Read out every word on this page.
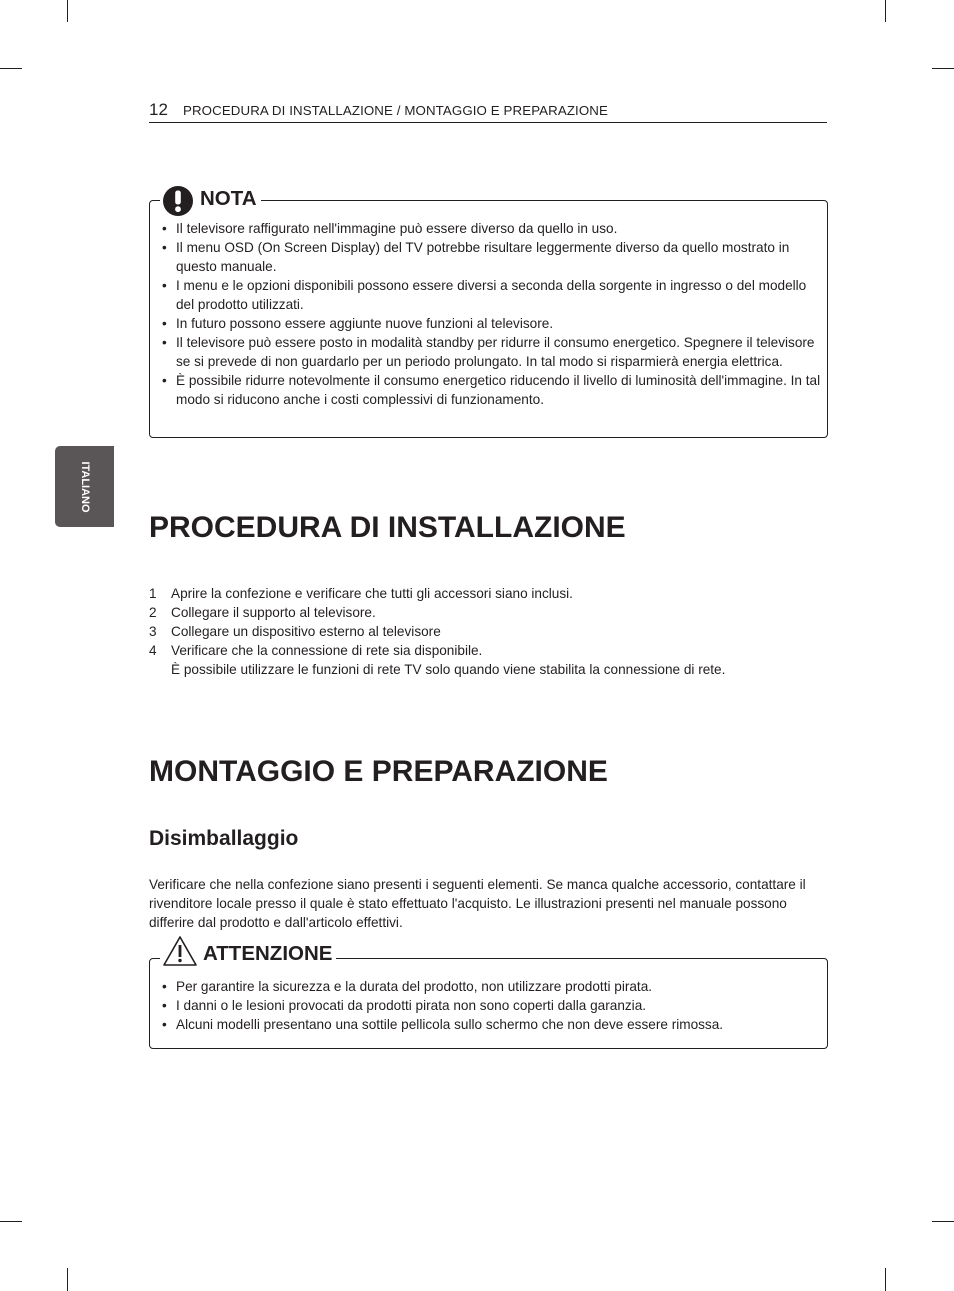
12 PROCEDURA DI INSTALLAZIONE / MONTAGGIO E PREPARAZIONE
ITALIANO
NOTA
• Il televisore raffigurato nell'immagine può essere diverso da quello in uso.
• Il menu OSD (On Screen Display) del TV potrebbe risultare leggermente diverso da quello mostrato in questo manuale.
• I menu e le opzioni disponibili possono essere diversi a seconda della sorgente in ingresso o del modello del prodotto utilizzati.
• In futuro possono essere aggiunte nuove funzioni al televisore.
• Il televisore può essere posto in modalità standby per ridurre il consumo energetico. Spegnere il televisore se si prevede di non guardarlo per un periodo prolungato. In tal modo si risparmierà energia elettrica.
• È possibile ridurre notevolmente il consumo energetico riducendo il livello di luminosità dell'immagine. In tal modo si riducono anche i costi complessivi di funzionamento.
PROCEDURA DI INSTALLAZIONE
1 Aprire la confezione e verificare che tutti gli accessori siano inclusi.
2 Collegare il supporto al televisore.
3 Collegare un dispositivo esterno al televisore
4 Verificare che la connessione di rete sia disponibile.
È possibile utilizzare le funzioni di rete TV solo quando viene stabilita la connessione di rete.
MONTAGGIO E PREPARAZIONE
Disimballaggio

Verificare che nella confezione siano presenti i seguenti elementi. Se manca qualche accessorio, contattare il rivenditore locale presso il quale è stato effettuato l'acquisto. Le illustrazioni presenti nel manuale possono differire dal prodotto e dall'articolo effettivi.

ATTENZIONE
• Per garantire la sicurezza e la durata del prodotto, non utilizzare prodotti pirata.
• I danni o le lesioni provocati da prodotti pirata non sono coperti dalla garanzia.
• Alcuni modelli presentano una sottile pellicola sullo schermo che non deve essere rimossa.
